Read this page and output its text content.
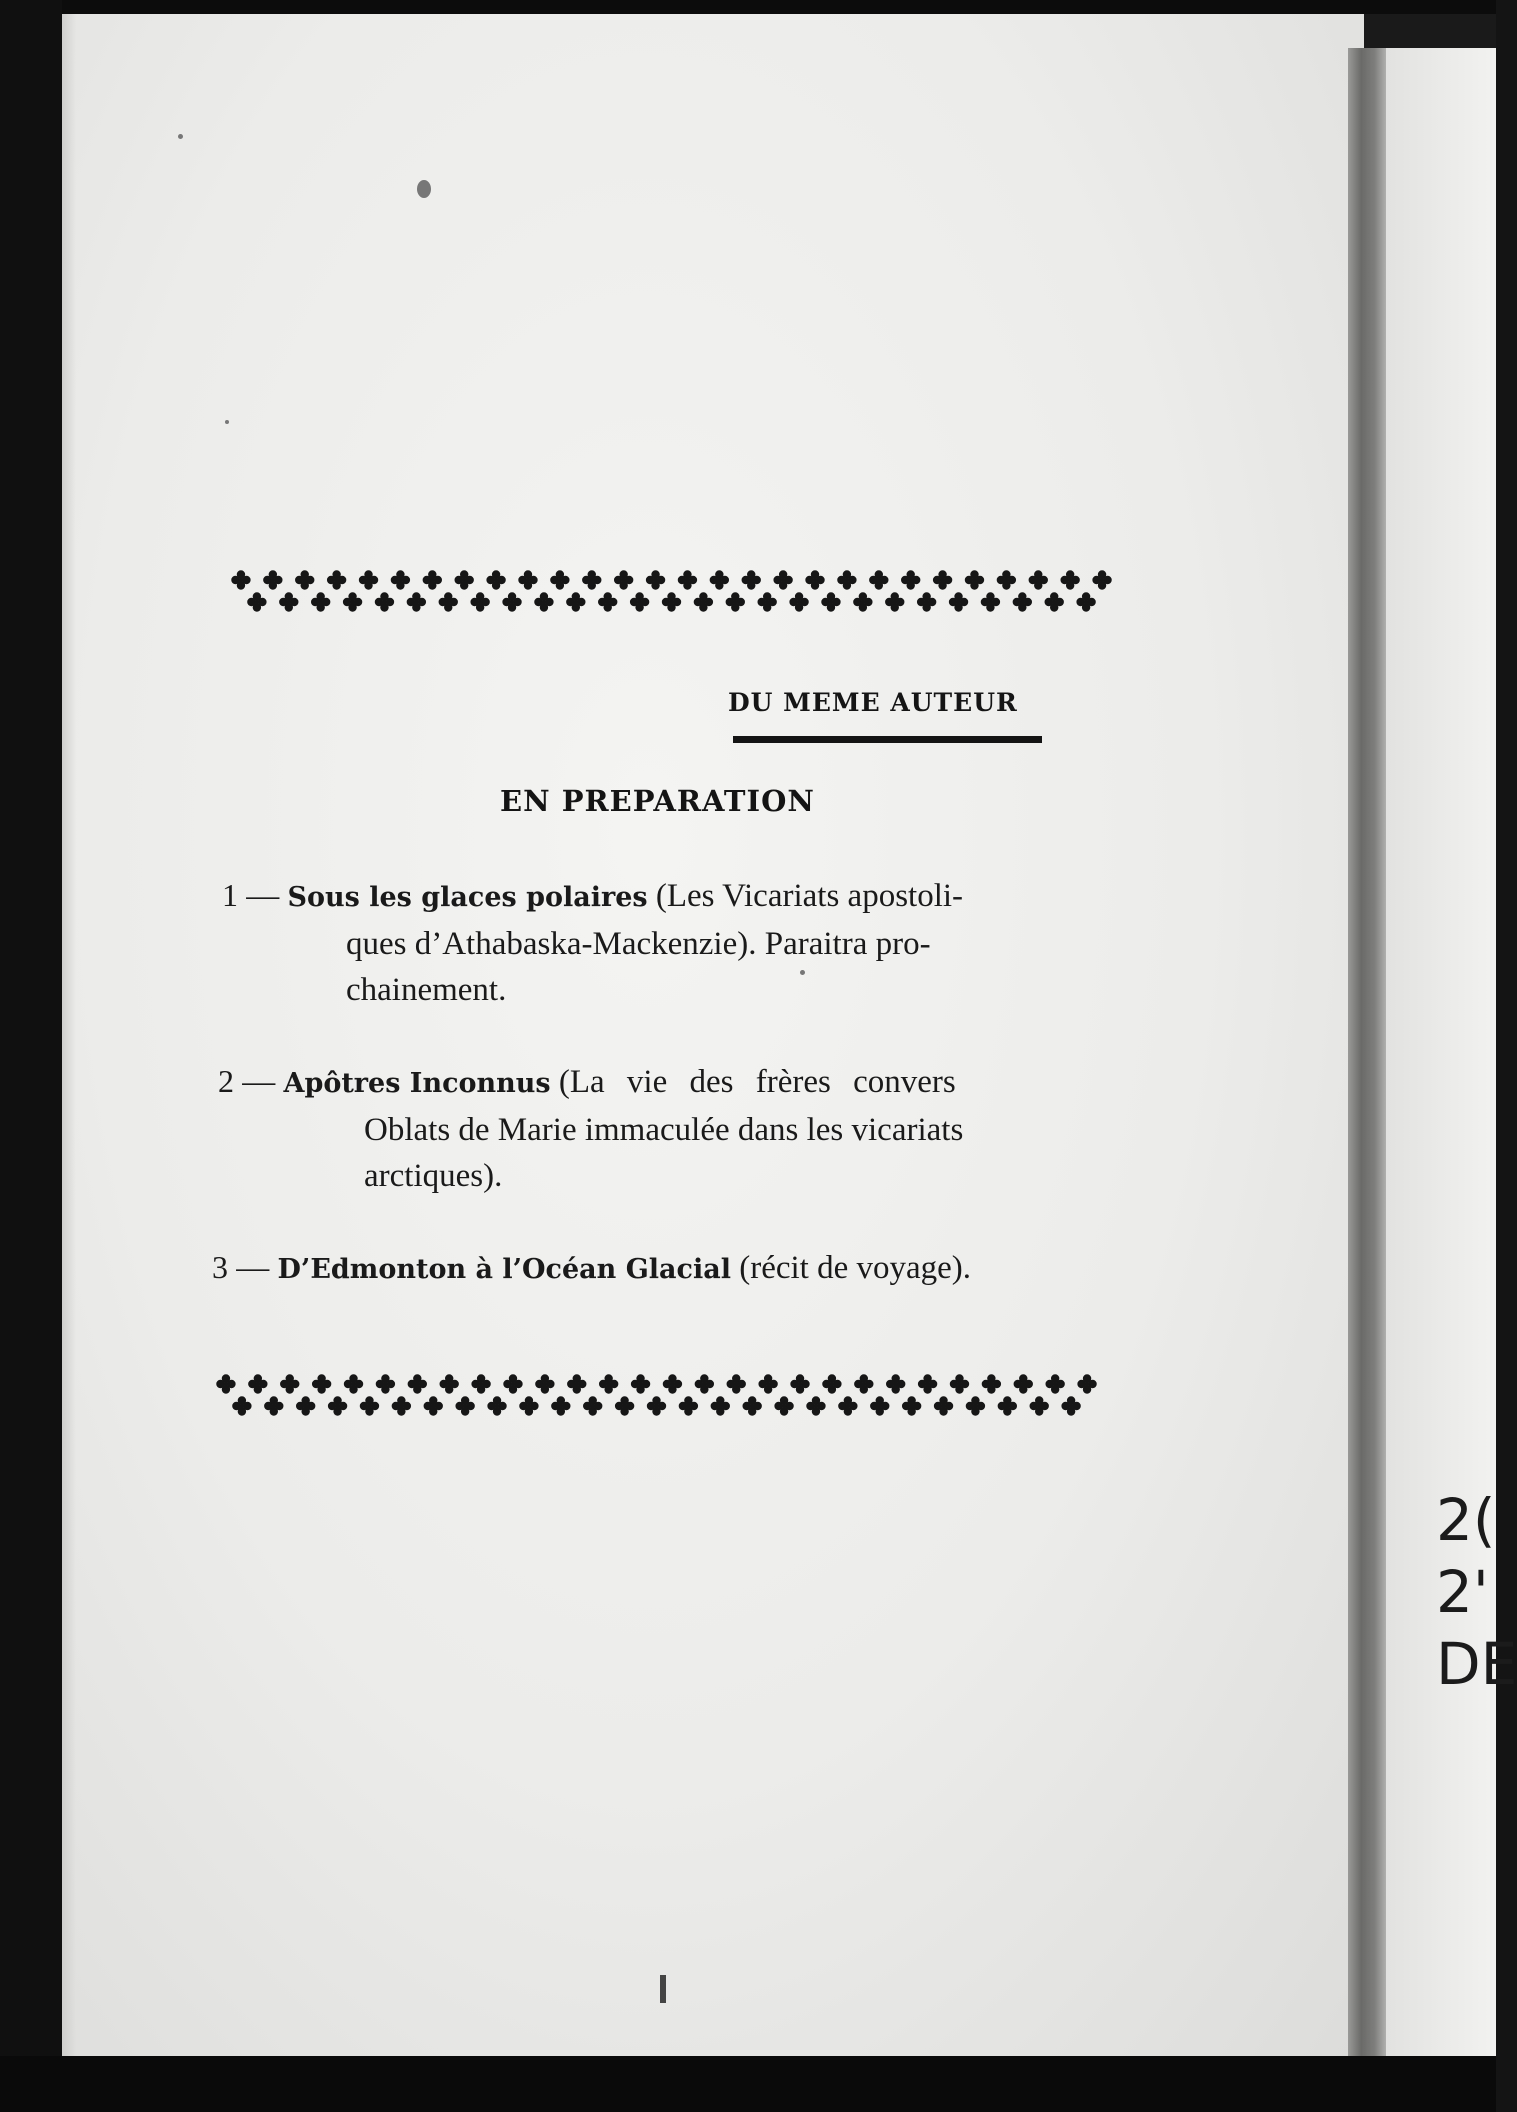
DU MEME AUTEUR
EN PREPARATION
1 — Sous les glaces polaires (Les Vicariats apostoli-
ques d’Athabaska-Mackenzie). Paraitra pro-
chainement.
2 — Apôtres Inconnus (La vie des frères convers
Oblats de Marie immaculée dans les vicariats
arctiques).
3 — D’Edmonton à l’Océan Glacial (récit de voyage).
2(
2'
DE
